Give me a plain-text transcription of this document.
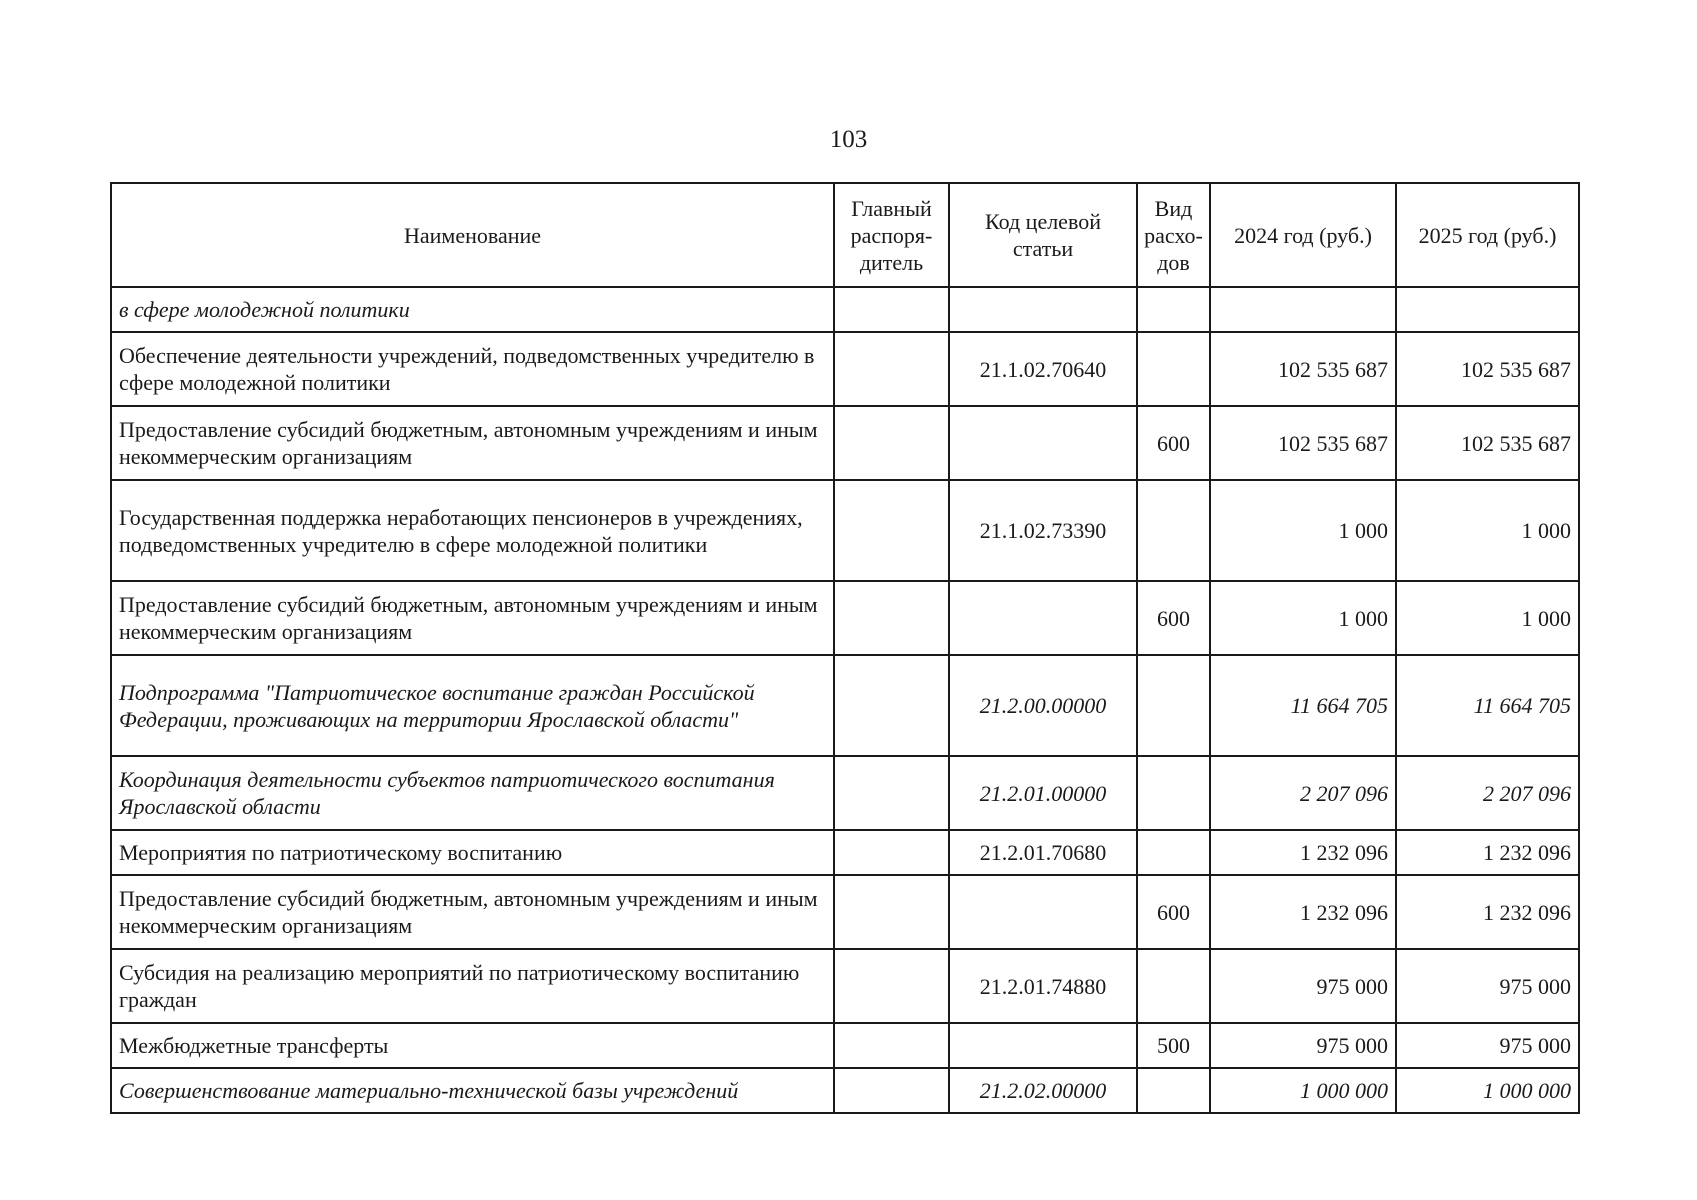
103
Наименование	Главный распоря-дитель	Код целевой статьи	Вид расхо-дов	2024 год (руб.)	2025 год (руб.)
в сфере молодежной политики					
Обеспечение деятельности учреждений, подведомственных учредителю в сфере молодежной политики		21.1.02.70640		102 535 687	102 535 687
Предоставление субсидий бюджетным, автономным учреждениям и иным некоммерческим организациям			600	102 535 687	102 535 687
Государственная поддержка неработающих пенсионеров в учреждениях, подведомственных учредителю в сфере молодежной политики		21.1.02.73390		1 000	1 000
Предоставление субсидий бюджетным, автономным учреждениям и иным некоммерческим организациям			600	1 000	1 000
Подпрограмма "Патриотическое воспитание граждан Российской Федерации, проживающих на территории Ярославской области"		21.2.00.00000		11 664 705	11 664 705
Координация деятельности субъектов патриотического воспитания Ярославской области		21.2.01.00000		2 207 096	2 207 096
Мероприятия по патриотическому воспитанию		21.2.01.70680		1 232 096	1 232 096
Предоставление субсидий бюджетным, автономным учреждениям и иным некоммерческим организациям			600	1 232 096	1 232 096
Субсидия на реализацию мероприятий по патриотическому воспитанию граждан		21.2.01.74880		975 000	975 000
Межбюджетные трансферты			500	975 000	975 000
Совершенствование материально-технической базы учреждений		21.2.02.00000		1 000 000	1 000 000
